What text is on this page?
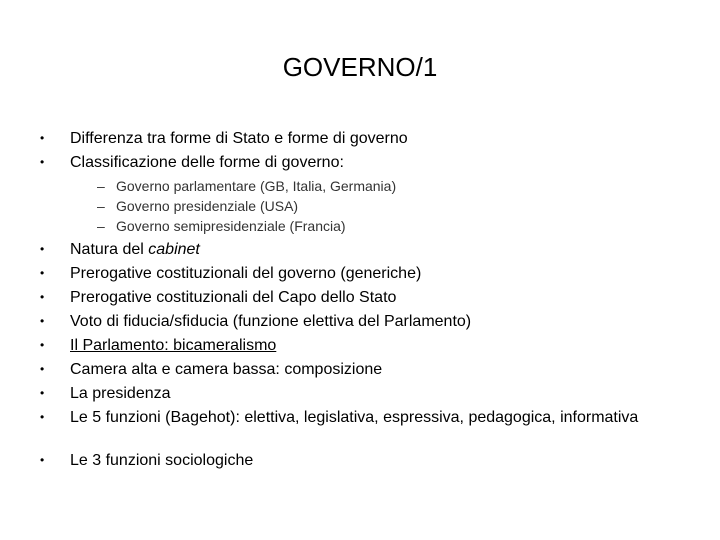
GOVERNO/1
•	Differenza tra forme di Stato e forme di governo
•	Classificazione delle forme di governo:
– Governo parlamentare (GB, Italia, Germania)
– Governo presidenziale (USA)
– Governo semipresidenziale (Francia)
•	Natura del cabinet
•	Prerogative costituzionali del governo (generiche)
•	Prerogative costituzionali del Capo dello Stato
•	Voto di fiducia/sfiducia (funzione elettiva del Parlamento)
•	Il Parlamento: bicameralismo
•	Camera alta e camera bassa: composizione
•	La presidenza
•	Le 5 funzioni (Bagehot): elettiva, legislativa, espressiva, pedagogica, informativa
•	Le 3 funzioni sociologiche
